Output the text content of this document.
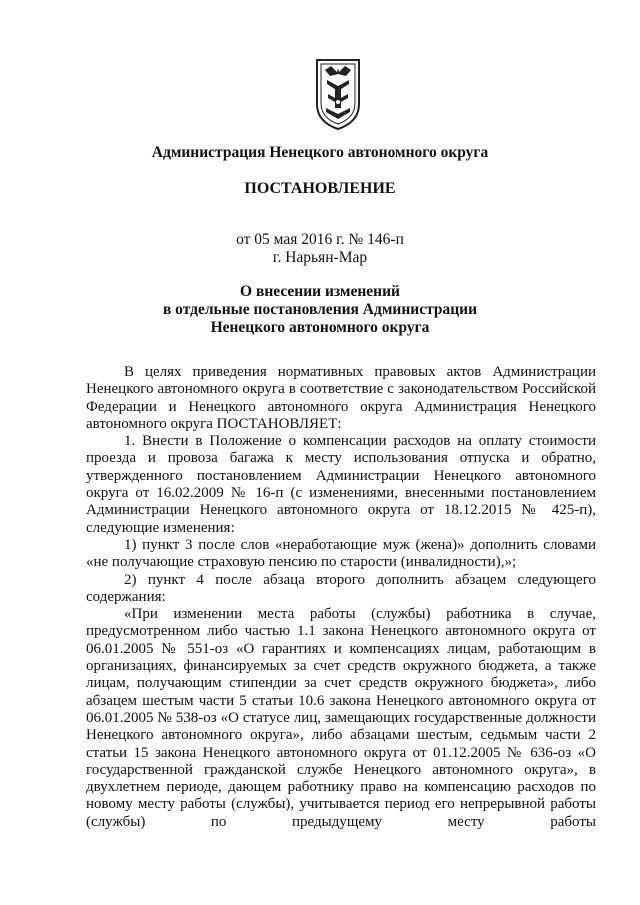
Администрация Ненецкого автономного округа
ПОСТАНОВЛЕНИЕ
от 05 мая 2016 г. № 146-п
г. Нарьян-Мар
О внесении изменений
в отдельные постановления Администрации
Ненецкого автономного округа

В целях приведения нормативных правовых актов Администрации Ненецкого автономного округа в соответствие с законодательством Российской Федерации и Ненецкого автономного округа Администрация Ненецкого автономного округа ПОСТАНОВЛЯЕТ:

1. Внести в Положение о компенсации расходов на оплату стоимости проезда и провоза багажа к месту использования отпуска и обратно, утвержденного постановлением Администрации Ненецкого автономного округа от 16.02.2009 № 16-п (с изменениями, внесенными постановлением Администрации Ненецкого автономного округа от 18.12.2015 № 425-п), следующие изменения:

1) пункт 3 после слов «неработающие муж (жена)» дополнить словами «не получающие страховую пенсию по старости (инвалидности),»;

2) пункт 4 после абзаца второго дополнить абзацем следующего содержания:

«При изменении места работы (службы) работника в случае, предусмотренном либо частью 1.1 закона Ненецкого автономного округа от 06.01.2005 № 551-оз «О гарантиях и компенсациях лицам, работающим в организациях, финансируемых за счет средств окружного бюджета, а также лицам, получающим стипендии за счет средств окружного бюджета», либо абзацем шестым части 5 статьи 10.6 закона Ненецкого автономного округа от 06.01.2005 № 538-оз «О статусе лиц, замещающих государственные должности Ненецкого автономного округа», либо абзацами шестым, седьмым части 2 статьи 15 закона Ненецкого автономного округа от 01.12.2005 № 636-оз «О государственной гражданской службе Ненецкого автономного округа», в двухлетнем периоде, дающем работнику право на компенсацию расходов по новому месту работы (службы), учитывается период его непрерывной работы (службы) по предыдущему месту работы
